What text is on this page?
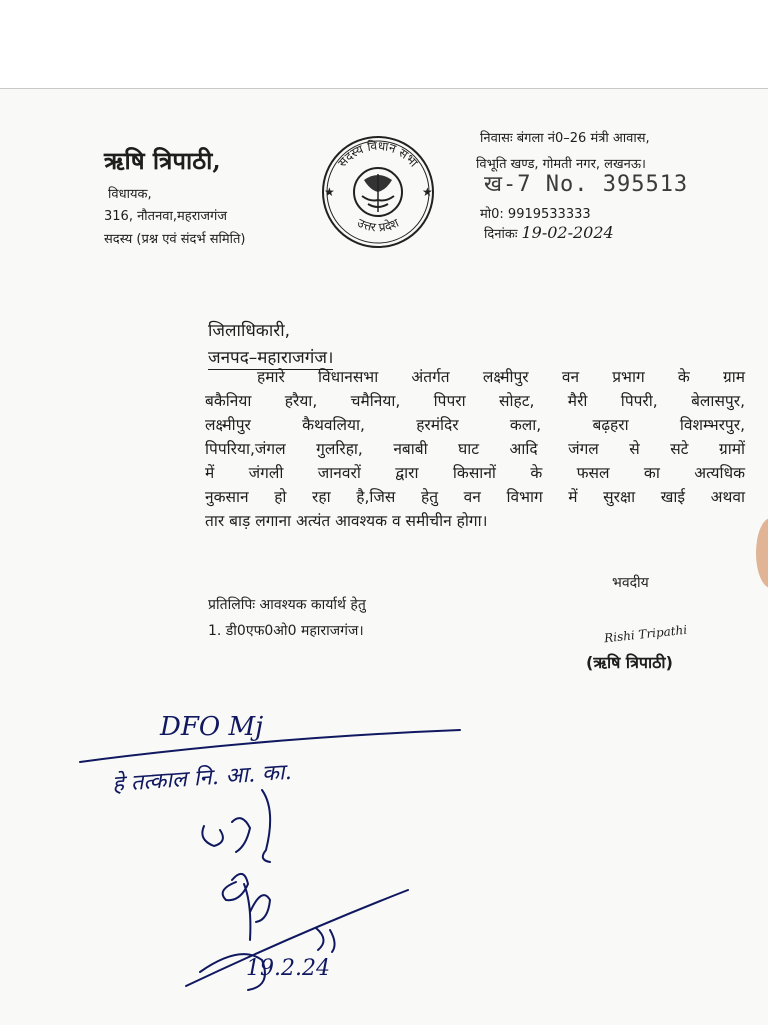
ऋषि त्रिपाठी,
विधायक,
316, नौतनवा,महराजगंज
सदस्य (प्रश्न एवं संदर्भ समिति)
सदस्य विधान सभा
उत्तर प्रदेश
★	★
निवासः बंगला नं0–26 मंत्री आवास,
विभूति खण्ड, गोमती नगर, लखनऊ।
ख-7 No. 395513
मो0: 9919533333
दिनांकः 19-02-2024
जिलाधिकारी,
जनपद–महाराजगंज।
हमारे विधानसभा अंतर्गत लक्ष्मीपुर वन प्रभाग के ग्राम
बकैनिया हरैया, चमैनिया, पिपरा सोहट, मैरी पिपरी, बेलासपुर,
लक्ष्मीपुर कैथवलिया, हरमंदिर कला, बढ़हरा विशम्भरपुर,
पिपरिया,जंगल गुलरिहा, नबाबी घाट आदि जंगल से सटे ग्रामों
में जंगली जानवरों द्वारा किसानों के फसल का अत्यधिक
नुकसान हो रहा है,जिस हेतु वन विभाग में सुरक्षा खाई अथवा
तार बाड़ लगाना अत्यंत आवश्यक व समीचीन होगा।
भवदीय
प्रतिलिपिः आवश्यक कार्यार्थ हेतु
1. डी0एफ0ओ0 महाराजगंज।	Rishi Tripathi
(ऋषि त्रिपाठी)
DFO Mj
हे तत्काल नि. आ. का.
19.2.24
